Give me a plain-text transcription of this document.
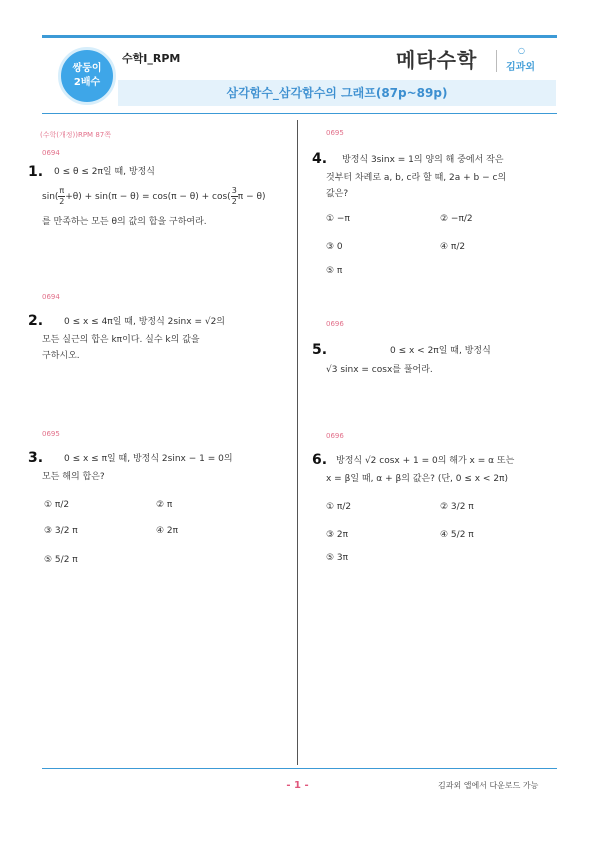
쌍둥이
2배수
수학Ⅰ_RPM	메타수학	○
김과외
삼각함수_삼각함수의 그래프(87p~89p)
(수학(개정))RPM 87쪽
0694
1. 0 ≤ θ ≤ 2π일 때, 방정식
$\sin( \frac{\pi}{2} +\theta) + \sin(\pi - \theta) = \cos(\pi - \theta) + \cos( \frac{3}{2}$ π − θ)
를 만족하는 모든 θ의 값의 합을 구하여라.
0694
2. 0 ≤ x ≤ 4π일 때, 방정식 2sinx = √2의
모든 실근의 합은 kπ이다. 실수 k의 값을
구하시오.
0695
3. 0 ≤ x ≤ π일 때, 방정식 2sinx − 1 = 0의
모든 해의 합은?
① π/2	② π
③ 3/2 π	④ 2π
⑤ 5/2 π
0695
4. 방정식 3sinx = 1의 양의 해 중에서 작은
것부터 차례로 a, b, c라 할 때, 2a + b − c의
값은?
① −π	② −π/2
③ 0	④ π/2
⑤ π
0696
5.	0 ≤ x < 2π일 때, 방정식
√3 sinx = cosx를 풀어라.
0696
6. 방정식 √2 cosx + 1 = 0의 해가 x = α 또는
x = β일 때, α + β의 값은? (단, 0 ≤ x < 2π)
① π/2	② 3/2 π
③ 2π	④ 5/2 π
⑤ 3π
- 1 -	김과외 앱에서 다운로드 가능
